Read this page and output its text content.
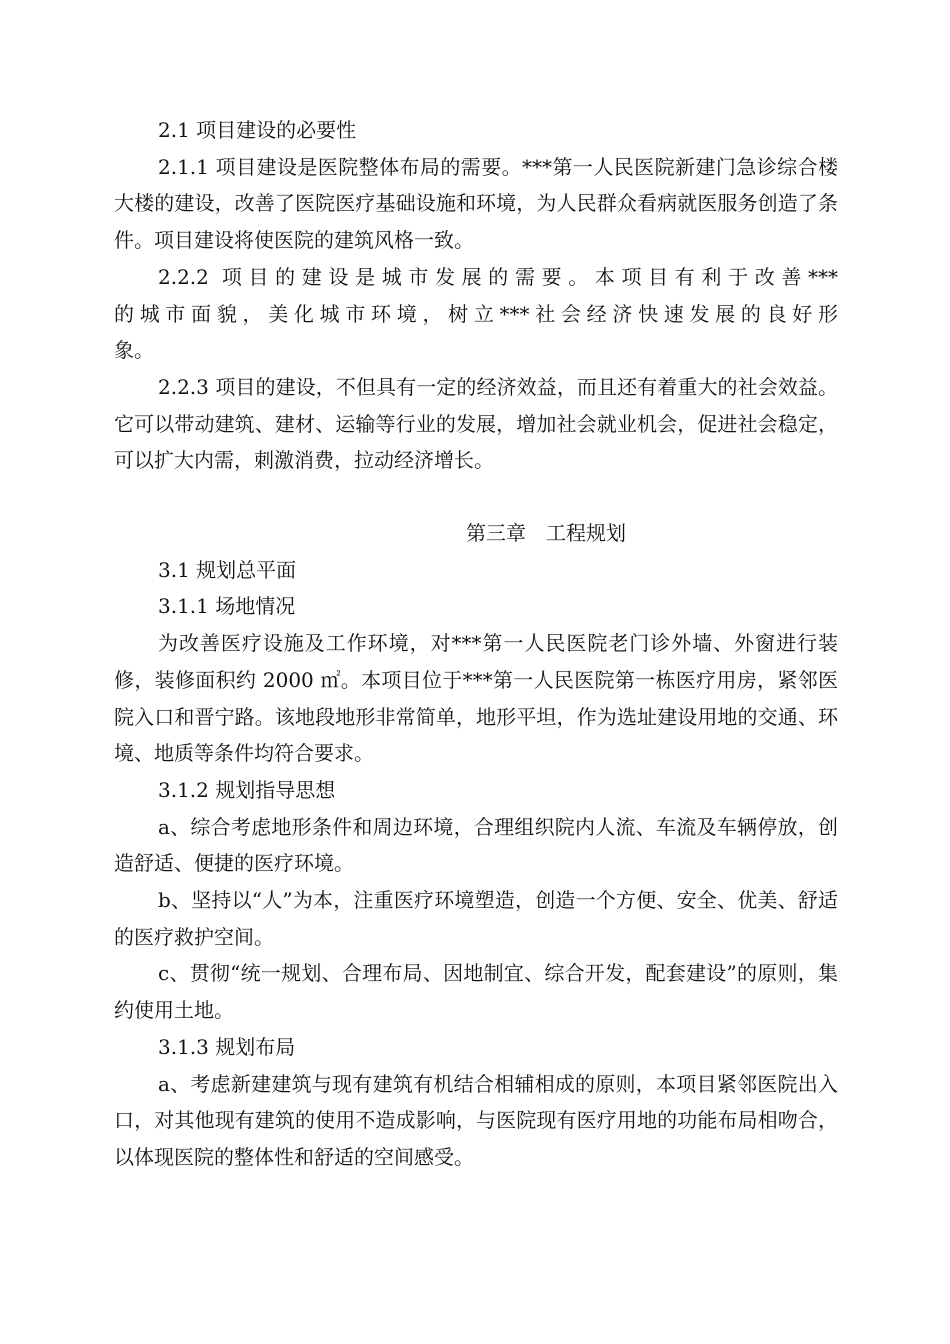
2.1 项目建设的必要性

2.1.1 项目建设是医院整体布局的需要。***第一人民医院新建门急诊综合楼大楼的建设，改善了医院医疗基础设施和环境，为人民群众看病就医服务创造了条件。项目建设将使医院的建筑风格一致。

2.2.2 项目的建设是城市发展的需要。本项目有利于改善***

的城市面貌，美化城市环境，树立***社会经济快速发展的良好形

象。

2.2.3 项目的建设，不但具有一定的经济效益，而且还有着重大的社会效益。它可以带动建筑、建材、运输等行业的发展，增加社会就业机会，促进社会稳定，可以扩大内需，刺激消费，拉动经济增长。

第三章　工程规划

3.1 规划总平面

3.1.1 场地情况

为改善医疗设施及工作环境，对***第一人民医院老门诊外墙、外窗进行装修，装修面积约 2000 ㎡。本项目位于***第一人民医院第一栋医疗用房，紧邻医院入口和晋宁路。该地段地形非常简单，地形平坦，作为选址建设用地的交通、环境、地质等条件均符合要求。

3.1.2 规划指导思想

a、综合考虑地形条件和周边环境，合理组织院内人流、车流及车辆停放，创造舒适、便捷的医疗环境。

b、坚持以“人”为本，注重医疗环境塑造，创造一个方便、安全、优美、舒适的医疗救护空间。

c、贯彻“统一规划、合理布局、因地制宜、综合开发，配套建设”的原则，集约使用土地。

3.1.3 规划布局

a、考虑新建建筑与现有建筑有机结合相辅相成的原则，本项目紧邻医院出入口，对其他现有建筑的使用不造成影响，与医院现有医疗用地的功能布局相吻合，以体现医院的整体性和舒适的空间感受。
